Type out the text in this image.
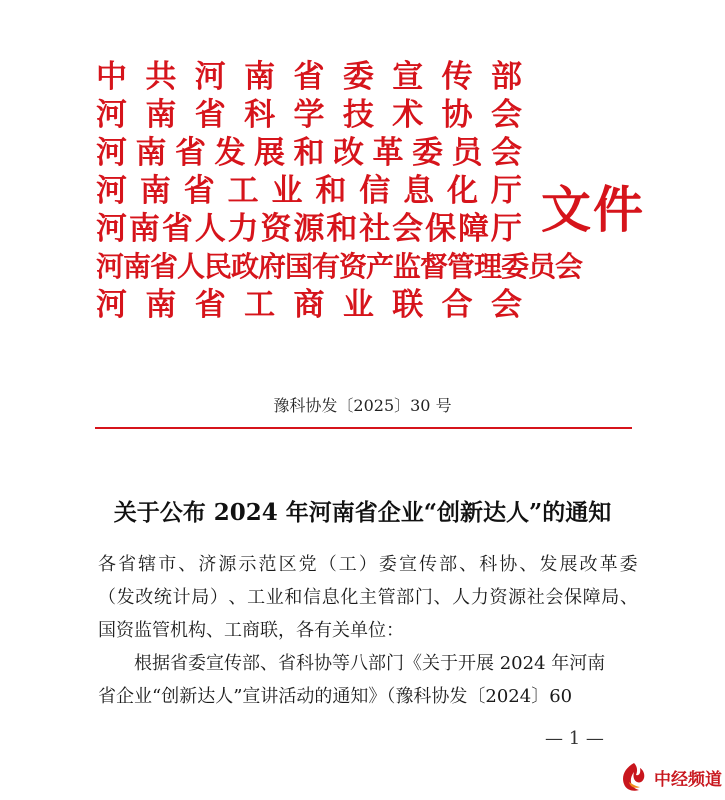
中 共 河 南 省 委 宣 传 部
河 南 省 科 学 技 术 协 会
河 南 省 发 展 和 改 革 委 员 会
河 南 省 工 业 和 信 息 化 厅
河 南 省 人 力 资 源 和 社 会 保 障 厅
河南省人民政府国有资产监督管理委员会
河 南 省 工 商 业 联 合 会
文件
豫科协发〔2025〕30 号
关于公布 2024 年河南省企业“创新达人”的通知
各 省 辖 市 、 济 源 示 范 区 党 （ 工 ） 委 宣 传 部 、 科 协 、 发 展 改 革 委
（ 发 改 统 计 局 ） 、 工 业 和 信 息 化 主 管 部 门 、 人 力 资 源 社 会 保 障 局 、
国资监管机构、工商联，各有关单位：
　　根据省委宣传部、省科协等八部门《关于开展 2024 年河南
省企业“创新达人”宣讲活动的通知》（豫科协发〔2024〕60
— 1 —
中经频道
